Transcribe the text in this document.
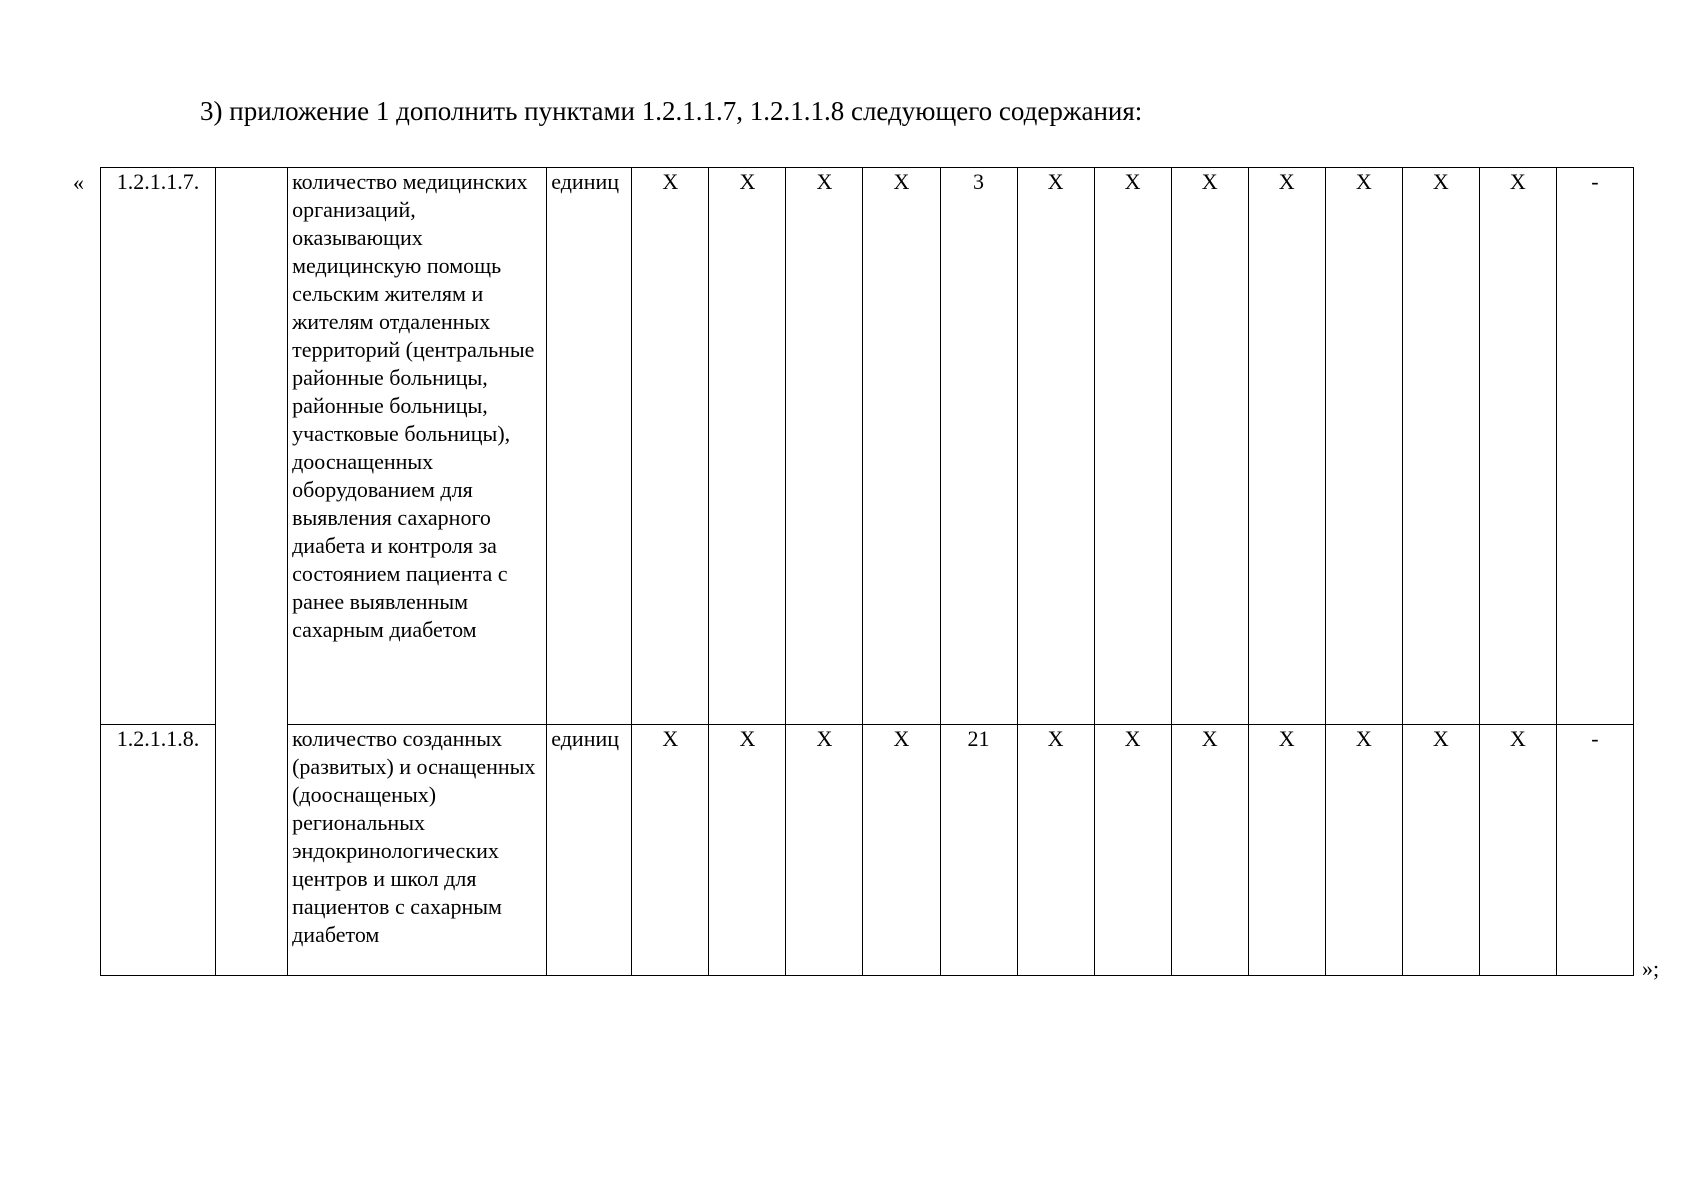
3) приложение 1 дополнить пунктами 1.2.1.1.7, 1.2.1.1.8 следующего содержания:
« 1.2.1.1.7.		количество медицинских организаций, оказывающих медицинскую помощь сельским жителям и жителям отдаленных территорий (центральные районные больницы, районные больницы, участковые больницы), дооснащенных оборудованием для выявления сахарного диабета и контроля за состоянием пациента с ранее выявленным сахарным диабетом	единиц	Х	Х	Х	Х	3	Х	Х	Х	Х	Х	Х	Х	-
1.2.1.1.8.		количество созданных (развитых) и оснащенных (дооснащеных) региональных эндокринологических центров и школ для пациентов с сахарным диабетом	единиц	Х	Х	Х	Х	21	Х	Х	Х	Х	Х	Х	Х	-
»;
